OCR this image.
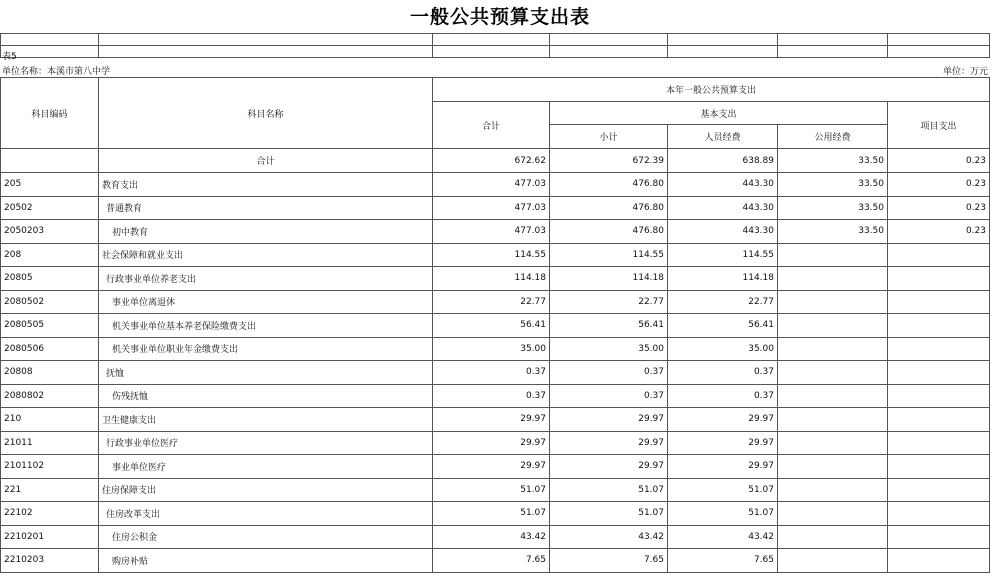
一般公共预算支出表

表5
单位名称：本溪市第八中学	单位：万元
科目编码	科目名称	本年一般公共预算支出				
		合计	基本支出			项目支出
			小计	人员经费	公用经费	
	合计	672.62	672.39	638.89	33.50	0.23
205	教育支出	477.03	476.80	443.30	33.50	0.23
20502	普通教育	477.03	476.80	443.30	33.50	0.23
2050203	初中教育	477.03	476.80	443.30	33.50	0.23
208	社会保障和就业支出	114.55	114.55	114.55		
20805	行政事业单位养老支出	114.18	114.18	114.18		
2080502	事业单位离退休	22.77	22.77	22.77		
2080505	机关事业单位基本养老保险缴费支出	56.41	56.41	56.41		
2080506	机关事业单位职业年金缴费支出	35.00	35.00	35.00		
20808	抚恤	0.37	0.37	0.37		
2080802	伤残抚恤	0.37	0.37	0.37		
210	卫生健康支出	29.97	29.97	29.97		
21011	行政事业单位医疗	29.97	29.97	29.97		
2101102	事业单位医疗	29.97	29.97	29.97		
221	住房保障支出	51.07	51.07	51.07		
22102	住房改革支出	51.07	51.07	51.07		
2210201	住房公积金	43.42	43.42	43.42		
2210203	购房补贴	7.65	7.65	7.65		
